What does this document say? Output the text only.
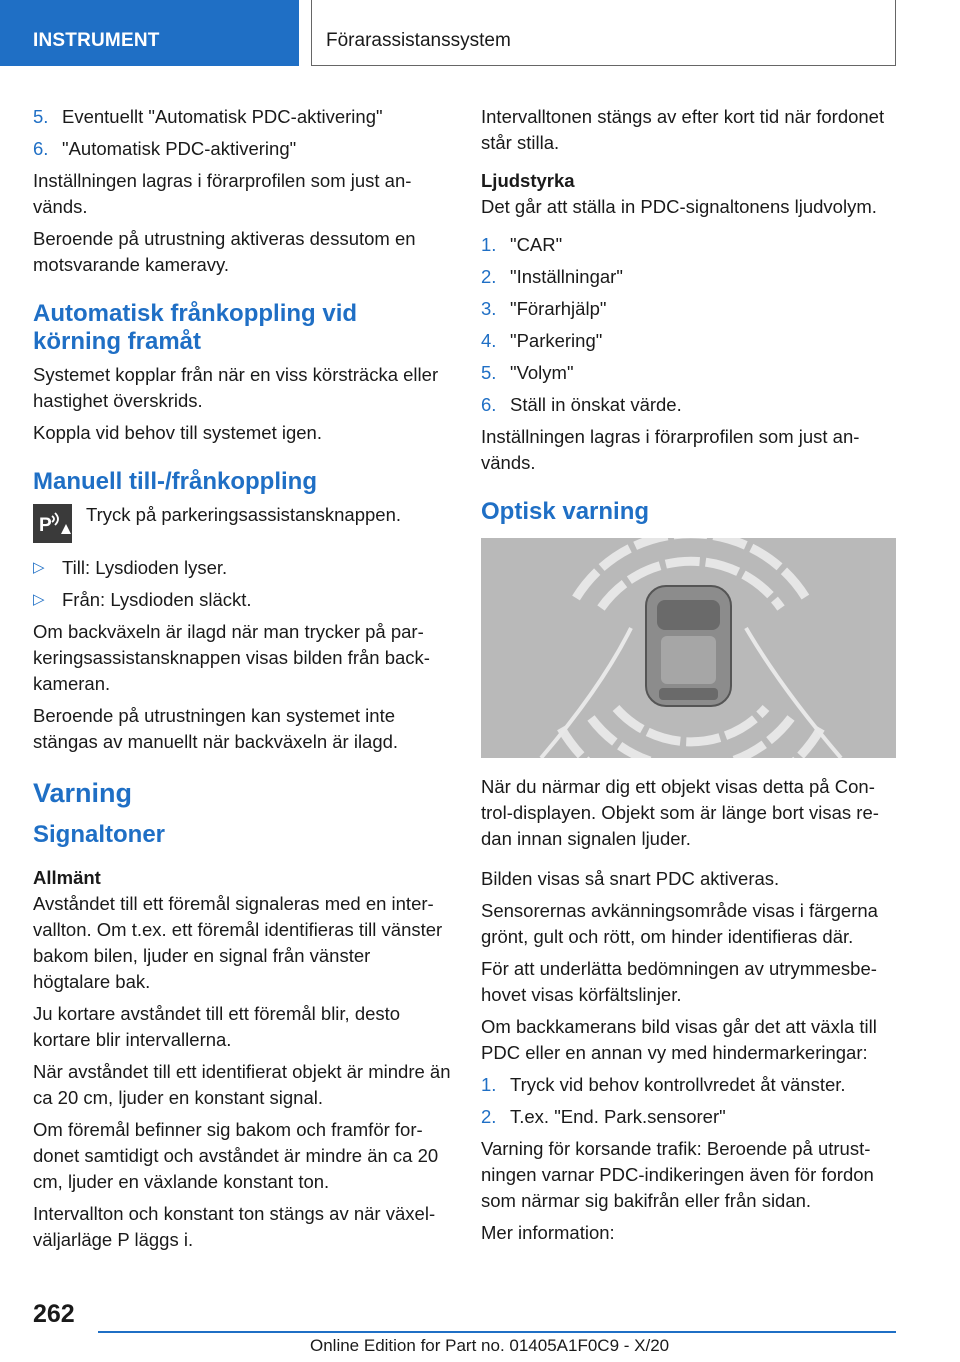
INSTRUMENT	Förarassistanssystem
5. Eventuellt "Automatisk PDC-aktivering"
6. "Automatisk PDC-aktivering"
Inställningen lagras i förarprofilen som just används.
Beroende på utrustning aktiveras dessutom en motsvarande kameravy.
Automatisk frånkoppling vid körning framåt
Systemet kopplar från när en viss körsträcka eller hastighet överskrids.
Koppla vid behov till systemet igen.
Manuell till-/frånkoppling
P
Tryck på parkeringsassistansknappen.
▷ Till: Lysdioden lyser.
▷ Från: Lysdioden släckt.
Om backväxeln är ilagd när man trycker på parkeringsassistansknappen visas bilden från backkameran.
Beroende på utrustningen kan systemet inte stängas av manuellt när backväxeln är ilagd.
Varning
Signaltoner
Allmänt
Avståndet till ett föremål signaleras med en intervallton. Om t.ex. ett föremål identifieras till vänster bakom bilen, ljuder en signal från vänster högtalare bak.
Ju kortare avståndet till ett föremål blir, desto kortare blir intervallerna.
När avståndet till ett identifierat objekt är mindre än ca 20 cm, ljuder en konstant signal.
Om föremål befinner sig bakom och framför fordonet samtidigt och avståndet är mindre än ca 20 cm, ljuder en växlande konstant ton.
Intervallton och konstant ton stängs av när växelväljarläge P läggs i.
Intervalltonen stängs av efter kort tid när fordonet står stilla.
Ljudstyrka
Det går att ställa in PDC-signaltonens ljudvolym.
1. "CAR"
2. "Inställningar"
3. "Förarhjälp"
4. "Parkering"
5. "Volym"
6. Ställ in önskat värde.
Inställningen lagras i förarprofilen som just används.
Optisk varning
När du närmar dig ett objekt visas detta på Control-displayen. Objekt som är länge bort visas redan innan signalen ljuder.
Bilden visas så snart PDC aktiveras.
Sensorernas avkänningsområde visas i färgerna grönt, gult och rött, om hinder identifieras där.
För att underlätta bedömningen av utrymmesbehovet visas körfältslinjer.
Om backkamerans bild visas går det att växla till PDC eller en annan vy med hindermarkeringar:
1. Tryck vid behov kontrollvredet åt vänster.
2. T.ex. "End. Park.sensorer"
Varning för korsande trafik: Beroende på utrustningen varnar PDC-indikeringen även för fordon som närmar sig bakifrån eller från sidan.
Mer information:
262
Online Edition for Part no. 01405A1F0C9 - X/20
